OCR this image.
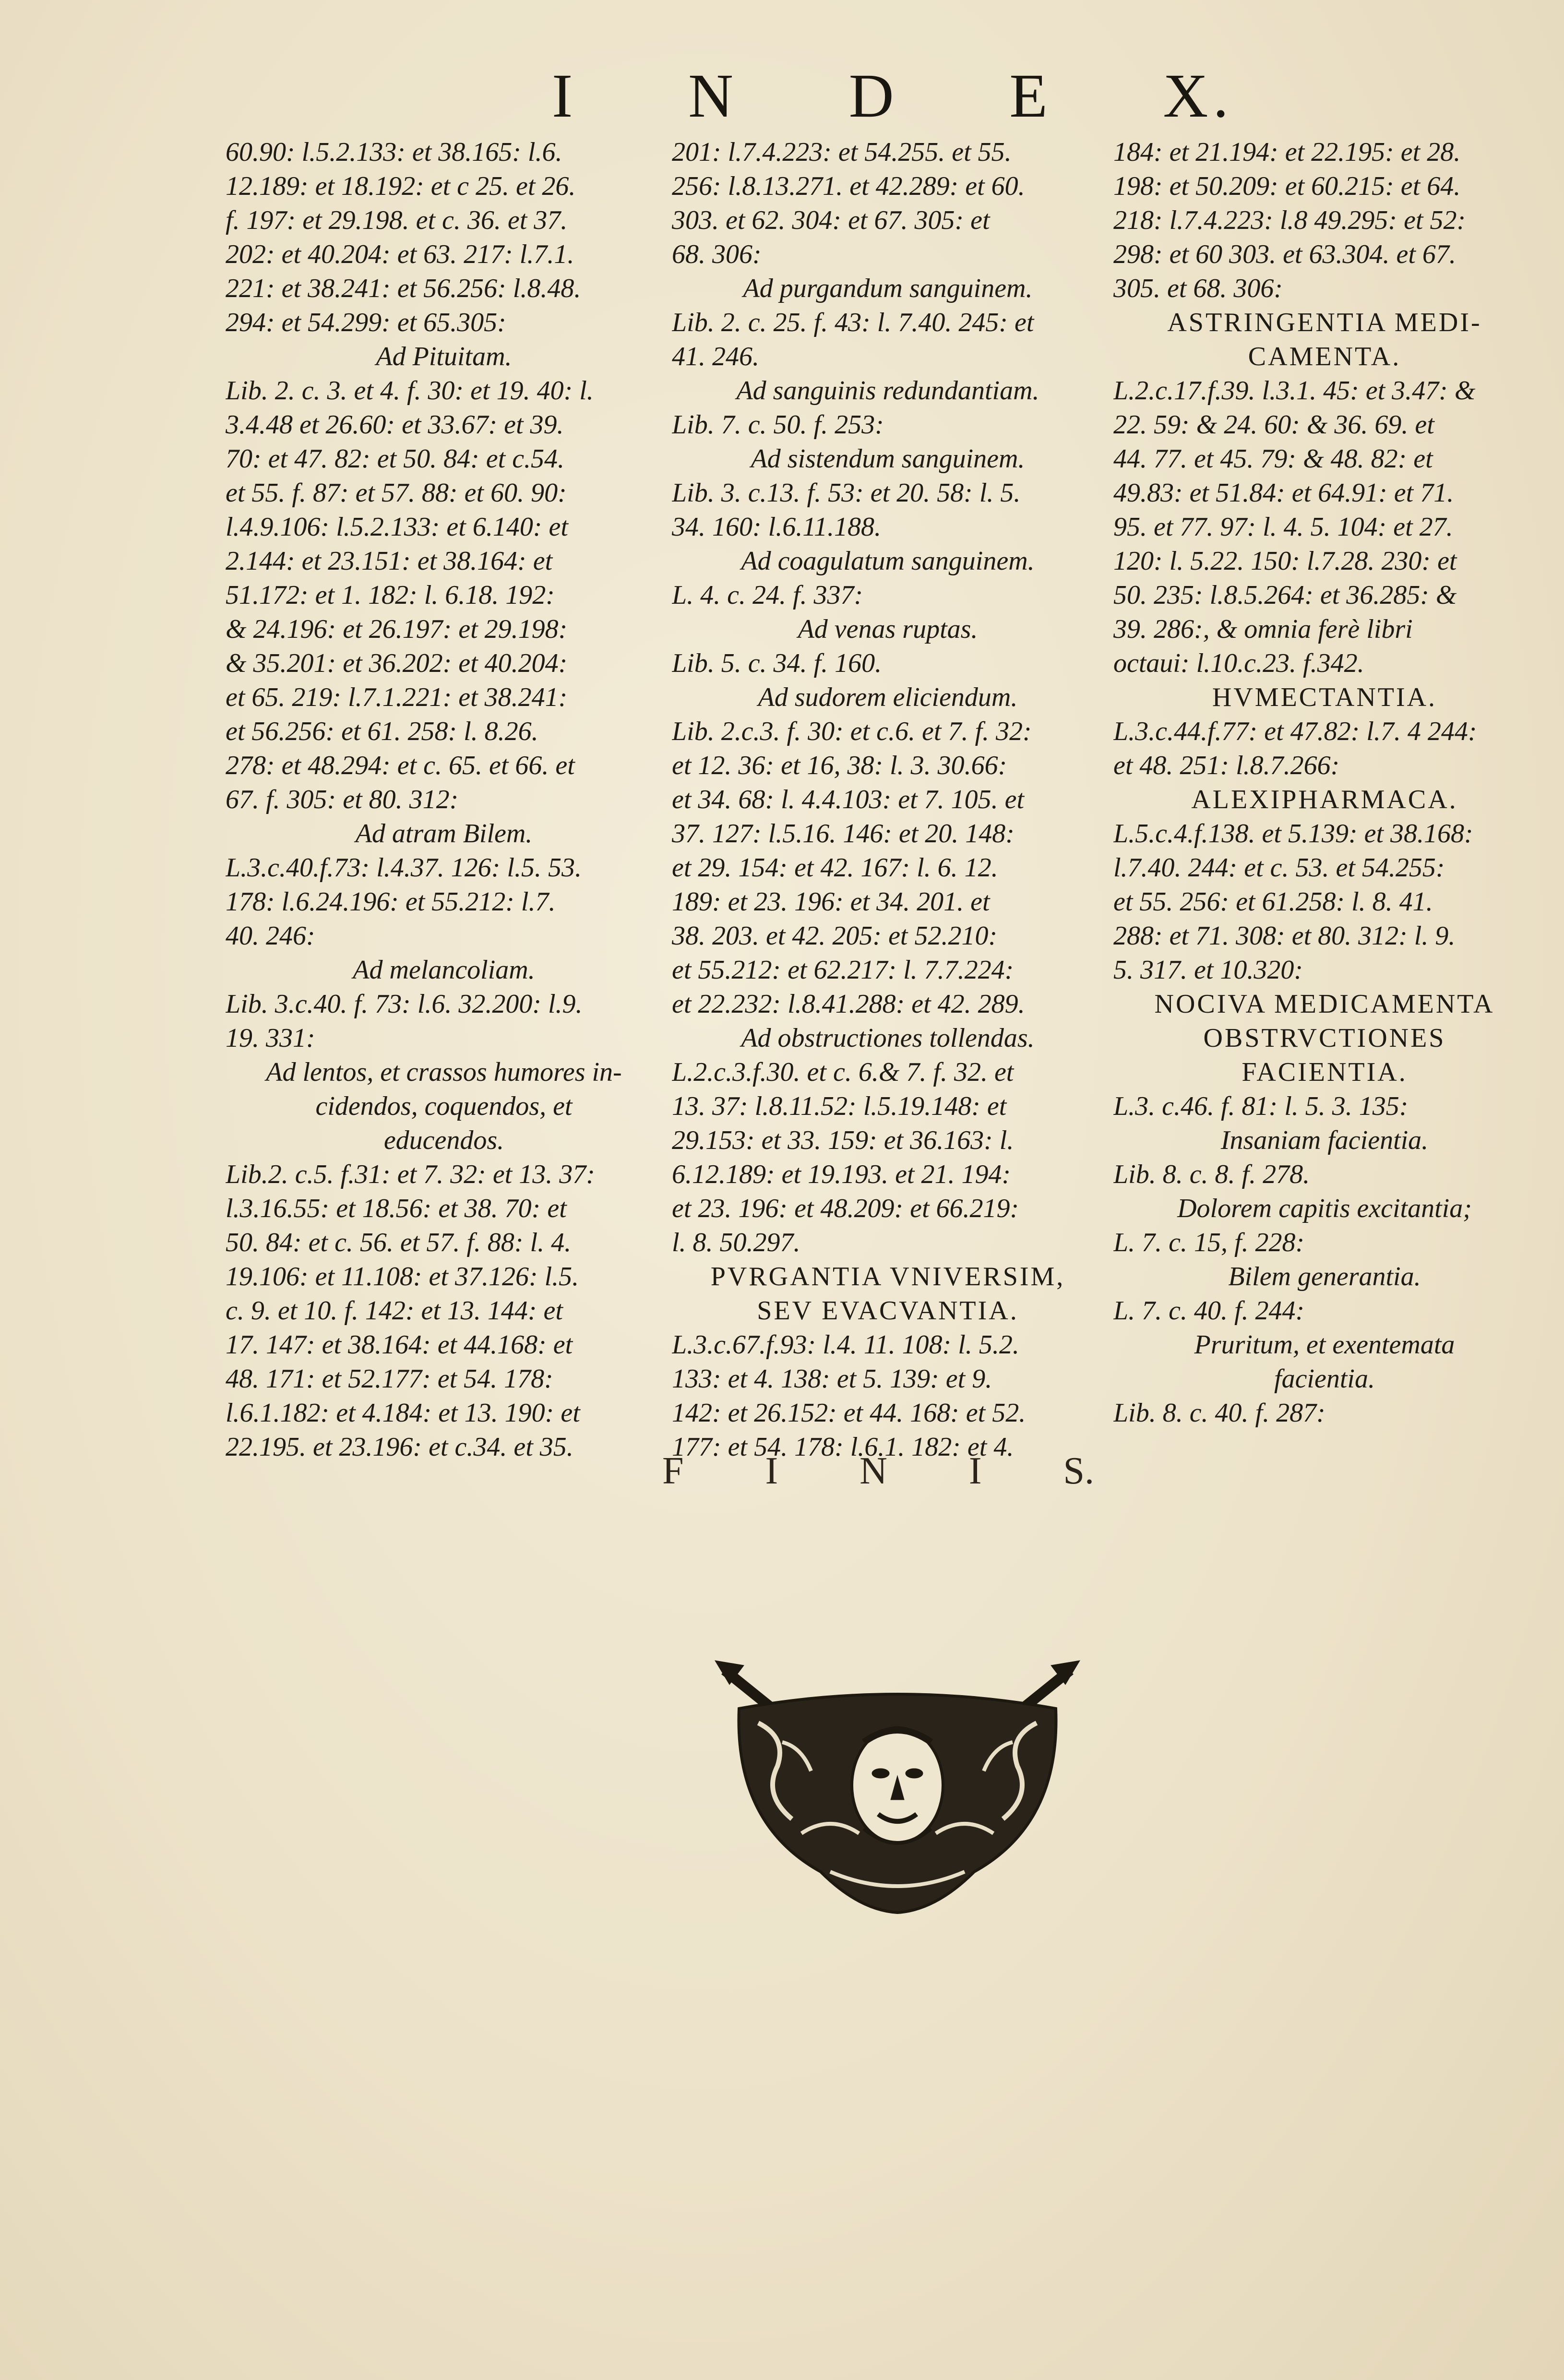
I N D E X.
60.90: l.5.2.133: et 38.165: l.6.
12.189: et 18.192: et c 25. et 26.
f. 197: et 29.198. et c. 36. et 37.
202: et 40.204: et 63. 217: l.7.1.
221: et 38.241: et 56.256: l.8.48.
294: et 54.299: et 65.305:
Ad Pituitam.
Lib. 2. c. 3. et 4. f. 30: et 19. 40: l.
3.4.48 et 26.60: et 33.67: et 39.
70: et 47. 82: et 50. 84: et c.54.
et 55. f. 87: et 57. 88: et 60. 90:
l.4.9.106: l.5.2.133: et 6.140: et
2.144: et 23.151: et 38.164: et
51.172: et 1. 182: l. 6.18. 192:
& 24.196: et 26.197: et 29.198:
& 35.201: et 36.202: et 40.204:
et 65. 219: l.7.1.221: et 38.241:
et 56.256: et 61. 258: l. 8.26.
278: et 48.294: et c. 65. et 66. et
67. f. 305: et 80. 312:
Ad atram Bilem.
L.3.c.40.f.73: l.4.37. 126: l.5. 53.
178: l.6.24.196: et 55.212: l.7.
40. 246:
Ad melancoliam.
Lib. 3.c.40. f. 73: l.6. 32.200: l.9.
19. 331:
Ad lentos, et crassos humores in-
cidendos, coquendos, et
educendos.
Lib.2. c.5. f.31: et 7. 32: et 13. 37:
l.3.16.55: et 18.56: et 38. 70: et
50. 84: et c. 56. et 57. f. 88: l. 4.
19.106: et 11.108: et 37.126: l.5.
c. 9. et 10. f. 142: et 13. 144: et
17. 147: et 38.164: et 44.168: et
48. 171: et 52.177: et 54. 178:
l.6.1.182: et 4.184: et 13. 190: et
22.195. et 23.196: et c.34. et 35.
201: l.7.4.223: et 54.255. et 55.
256: l.8.13.271. et 42.289: et 60.
303. et 62. 304: et 67. 305: et
68. 306:
Ad purgandum sanguinem.
Lib. 2. c. 25. f. 43: l. 7.40. 245: et
41. 246.
Ad sanguinis redundantiam.
Lib. 7. c. 50. f. 253:
Ad sistendum sanguinem.
Lib. 3. c.13. f. 53: et 20. 58: l. 5.
34. 160: l.6.11.188.
Ad coagulatum sanguinem.
L. 4. c. 24. f. 337:
Ad venas ruptas.
Lib. 5. c. 34. f. 160.
Ad sudorem eliciendum.
Lib. 2.c.3. f. 30: et c.6. et 7. f. 32:
et 12. 36: et 16, 38: l. 3. 30.66:
et 34. 68: l. 4.4.103: et 7. 105. et
37. 127: l.5.16. 146: et 20. 148:
et 29. 154: et 42. 167: l. 6. 12.
189: et 23. 196: et 34. 201. et
38. 203. et 42. 205: et 52.210:
et 55.212: et 62.217: l. 7.7.224:
et 22.232: l.8.41.288: et 42. 289.
Ad obstructiones tollendas.
L.2.c.3.f.30. et c. 6.& 7. f. 32. et
13. 37: l.8.11.52: l.5.19.148: et
29.153: et 33. 159: et 36.163: l.
6.12.189: et 19.193. et 21. 194:
et 23. 196: et 48.209: et 66.219:
l. 8. 50.297.
PVRGANTIA VNIVERSIM,
SEV EVACVANTIA.
L.3.c.67.f.93: l.4. 11. 108: l. 5.2.
133: et 4. 138: et 5. 139: et 9.
142: et 26.152: et 44. 168: et 52.
177: et 54. 178: l.6.1. 182: et 4.
184: et 21.194: et 22.195: et 28.
198: et 50.209: et 60.215: et 64.
218: l.7.4.223: l.8 49.295: et 52:
298: et 60 303. et 63.304. et 67.
305. et 68. 306:
ASTRINGENTIA MEDI-
CAMENTA.
L.2.c.17.f.39. l.3.1. 45: et 3.47: &
22. 59: & 24. 60: & 36. 69. et
44. 77. et 45. 79: & 48. 82: et
49.83: et 51.84: et 64.91: et 71.
95. et 77. 97: l. 4. 5. 104: et 27.
120: l. 5.22. 150: l.7.28. 230: et
50. 235: l.8.5.264: et 36.285: &
39. 286:, & omnia ferè libri
octaui: l.10.c.23. f.342.
HVMECTANTIA.
L.3.c.44.f.77: et 47.82: l.7. 4 244:
et 48. 251: l.8.7.266:
ALEXIPHARMACA.
L.5.c.4.f.138. et 5.139: et 38.168:
l.7.40. 244: et c. 53. et 54.255:
et 55. 256: et 61.258: l. 8. 41.
288: et 71. 308: et 80. 312: l. 9.
5. 317. et 10.320:
NOCIVA MEDICAMENTA
OBSTRVCTIONES
FACIENTIA.
L.3. c.46. f. 81: l. 5. 3. 135:
Insaniam facientia.
Lib. 8. c. 8. f. 278.
Dolorem capitis excitantia;
L. 7. c. 15, f. 228:
Bilem generantia.
L. 7. c. 40. f. 244:
Pruritum, et exentemata
facientia.
Lib. 8. c. 40. f. 287:
F I N I S.
